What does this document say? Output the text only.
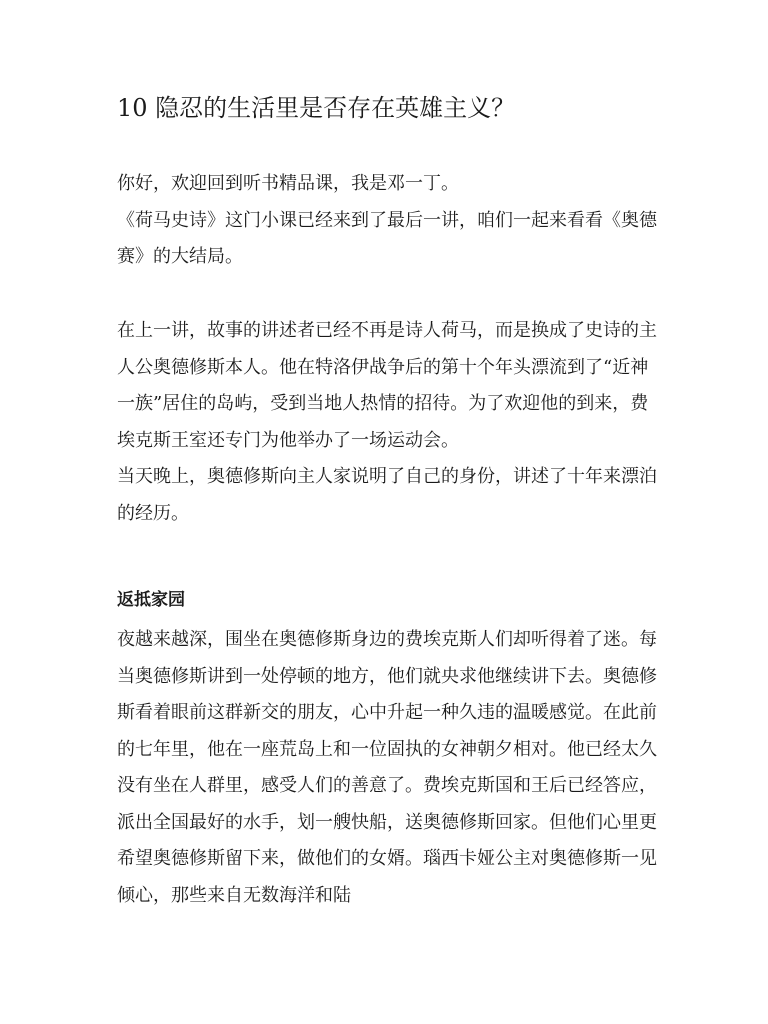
10 隐忍的生活里是否存在英雄主义？

你好，欢迎回到听书精品课，我是邓一丁。

《荷马史诗》这门小课已经来到了最后一讲，咱们一起来看看《奥德赛》的大结局。

在上一讲，故事的讲述者已经不再是诗人荷马，而是换成了史诗的主人公奥德修斯本人。他在特洛伊战争后的第十个年头漂流到了“近神一族”居住的岛屿，受到当地人热情的招待。为了欢迎他的到来，费埃克斯王室还专门为他举办了一场运动会。

当天晚上，奥德修斯向主人家说明了自己的身份，讲述了十年来漂泊的经历。

返抵家园

夜越来越深，围坐在奥德修斯身边的费埃克斯人们却听得着了迷。每当奥德修斯讲到一处停顿的地方，他们就央求他继续讲下去。奥德修斯看着眼前这群新交的朋友，心中升起一种久违的温暖感觉。在此前的七年里，他在一座荒岛上和一位固执的女神朝夕相对。他已经太久没有坐在人群里，感受人们的善意了。费埃克斯国和王后已经答应，派出全国最好的水手，划一艘快船，送奥德修斯回家。但他们心里更希望奥德修斯留下来，做他们的女婿。瑙西卡娅公主对奥德修斯一见倾心，那些来自无数海洋和陆
